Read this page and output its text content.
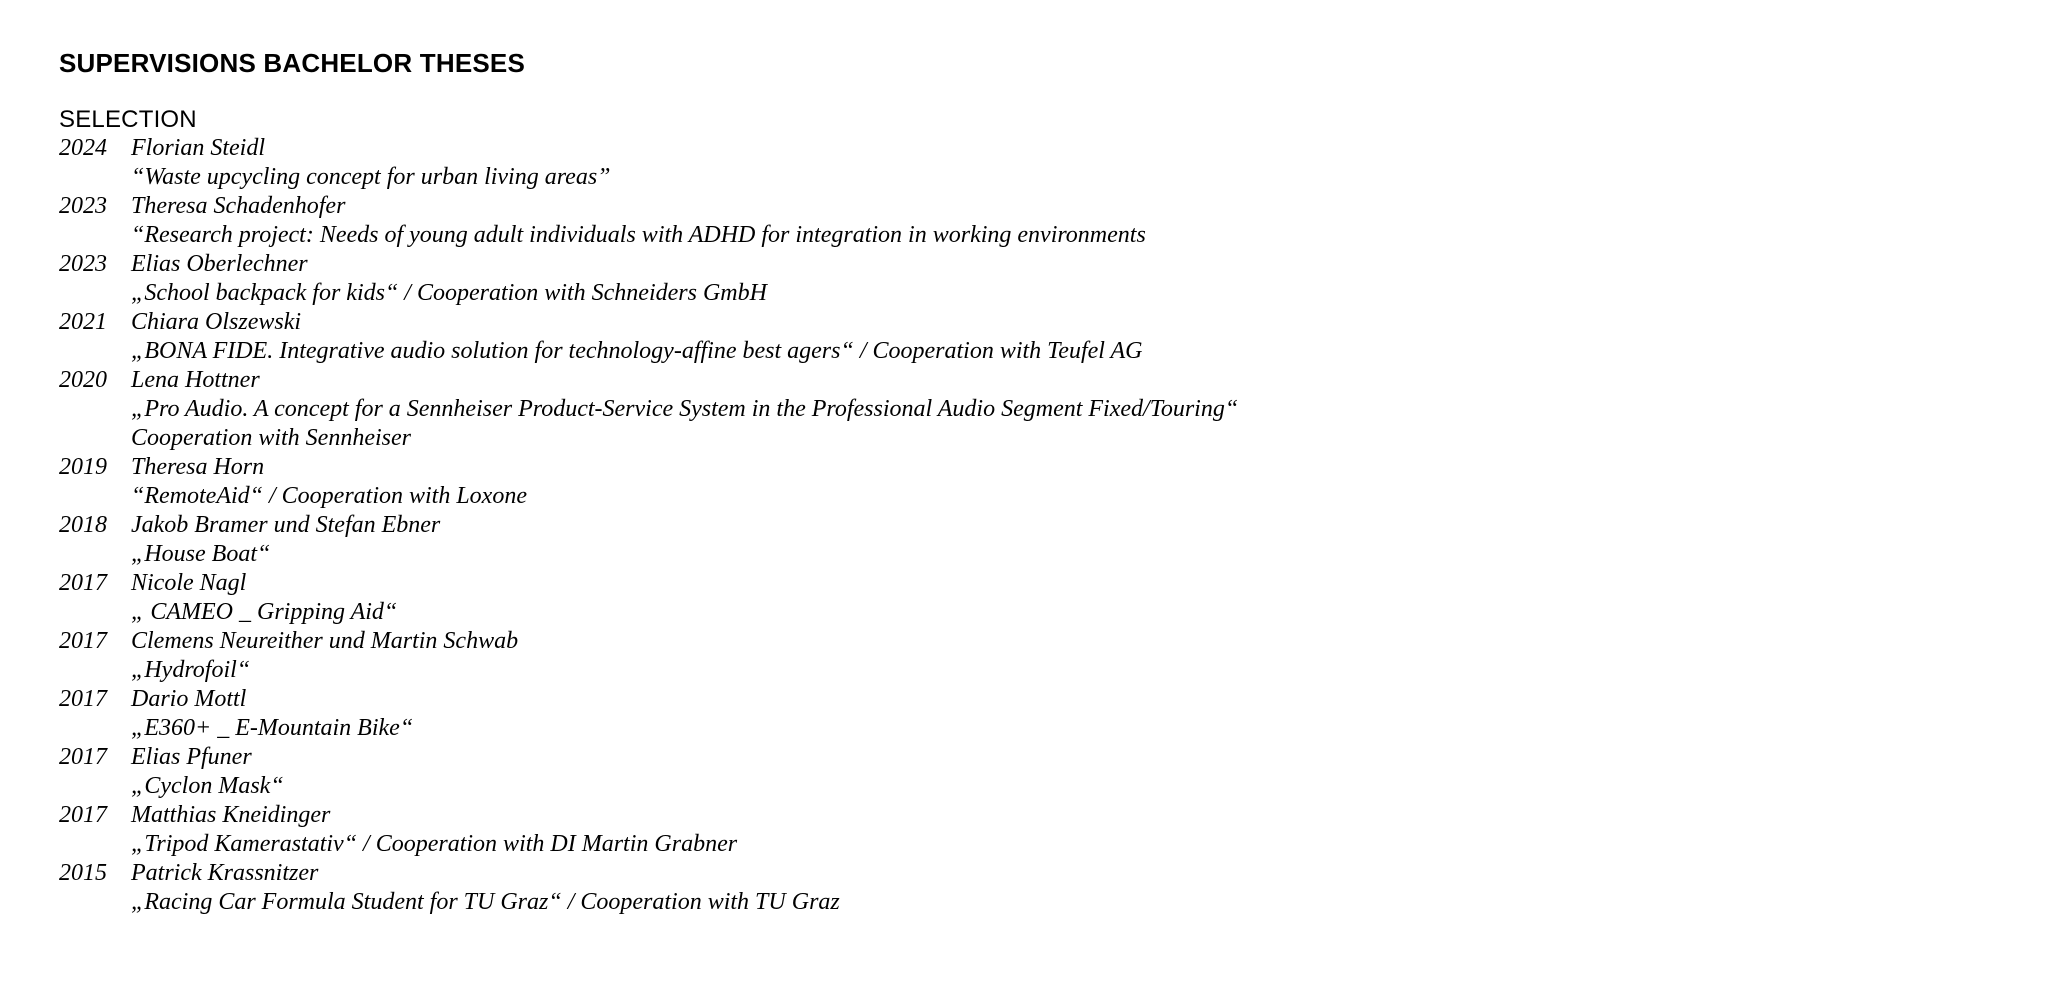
SUPERVISIONS BACHELOR THESES
SELECTION
2024	Florian Steidl
“Waste upcycling concept for urban living areas”
2023	Theresa Schadenhofer
“Research project: Needs of young adult individuals with ADHD for integration in working environments
2023	Elias Oberlechner
„School backpack for kids“ / Cooperation with Schneiders GmbH
2021	Chiara Olszewski
„BONA FIDE. Integrative audio solution for technology-affine best agers“ / Cooperation with Teufel AG
2020	Lena Hottner
„Pro Audio. A concept for a Sennheiser Product-Service System in the Professional Audio Segment Fixed/Touring“
Cooperation with Sennheiser
2019	Theresa Horn
“RemoteAid“ / Cooperation with Loxone
2018	Jakob Bramer und Stefan Ebner
„House Boat“
2017	Nicole Nagl
„ CAMEO _ Gripping Aid“
2017	Clemens Neureither und Martin Schwab
„Hydrofoil“
2017	Dario Mottl
„E360+ _ E-Mountain Bike“
2017	Elias Pfuner
„Cyclon Mask“
2017	Matthias Kneidinger
„Tripod Kamerastativ“ / Cooperation with DI Martin Grabner
2015	Patrick Krassnitzer
„Racing Car Formula Student for TU Graz“ / Cooperation with TU Graz
